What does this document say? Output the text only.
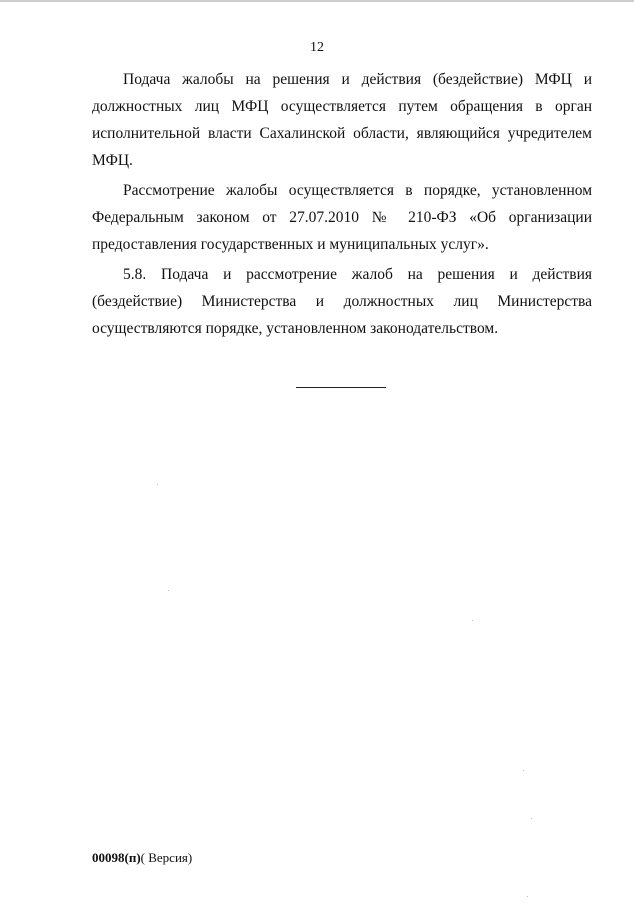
12

Подача жалобы на решения и действия (бездействие) МФЦ и должностных лиц МФЦ осуществляется путем обращения в орган исполнительной власти Сахалинской области, являющийся учредителем МФЦ.

Рассмотрение жалобы осуществляется в порядке, установленном Федеральным законом от 27.07.2010 № 210-ФЗ «Об организации предоставления государственных и муниципальных услуг».

5.8. Подача и рассмотрение жалоб на решения и действия (бездействие) Министерства и должностных лиц Министерства осуществляются порядке, установленном законодательством.

00098(п)( Версия)
